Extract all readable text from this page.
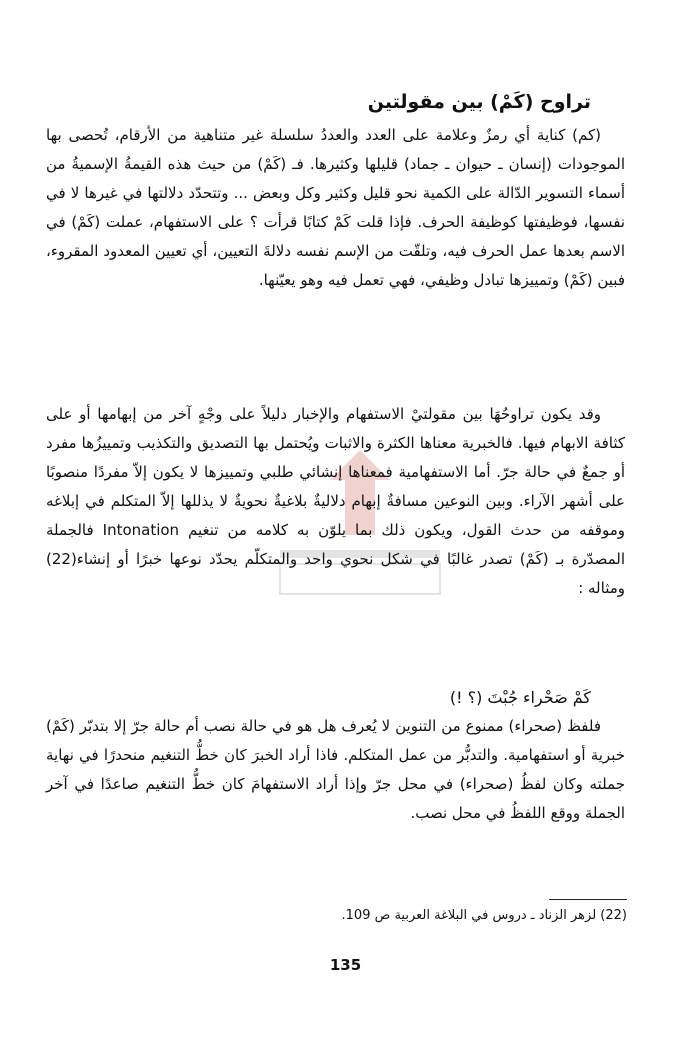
تراوح (كَمْ) بين مقولتين

(كم) كناية أي رمزٌ وعلامة على العدد والعددُ سلسلة غير متناهية من الأرقام، تُحصى بها الموجودات (إنسان ـ حيوان ـ جماد) قليلها وكثيرها. فـ (كَمْ) من حيث هذه القيمةُ الإسميةُ من أسماء التسوير الدّالة على الكمية نحو قليل وكثير وكل وبعض ... وتتحدّد دلالتها في غيرها لا في نفسها، فوظيفتها كوظيفة الحرف. فإذا قلت كَمْ كتابًا قرأت ؟ على الاستفهام، عملت (كَمْ) في الاسم بعدها عمل الحرف فيه، وتلقّت من الإسم نفسه دلالةَ التعيين، أي تعيين المعدود المقروء، فبين (كَمْ) وتمييزها تبادل وظيفي، فهي تعمل فيه وهو يعيّنها.

وقد يكون تراوحُهَا بين مقولتيْ الاستفهام والإخبار دليلاً على وجْهٍ آخر من إبهامها أو على كثافة الابهام فيها. فالخبرية معناها الكثرة والاثبات ويُحتمل بها التصديق والتكذيب وتمييزُها مفرد أو جمعٌ في حالة جرّ. أما الاستفهامية فمعناها إنشائي طلبي وتمييزها لا يكون إلاّ مفردًا منصوبًا على أشهر الآراء. وبين النوعين مسافةٌ إبهام دلاليةٌ بلاغيةٌ نحويةٌ لا يذللها إلاّ المتكلم في إبلاغه وموقفه من حدث القول، ويكون ذلك بما يلوّن به كلامه من تنغيم Intonation فالجملة المصدّرة بـ (كَمْ) تصدر غالبًا في شكل نحوي واحد والمتكلّم يحدّد نوعها خبرًا أو إنشاء(22) ومثاله :

كَمْ صَحْراء جُبْتَ (؟ !)

فلفظ (صحراء) ممنوع من التنوين لا يُعرف هل هو في حالة نصب أم حالة جرّ إلا بتدبّر (كَمْ) خبرية أو استفهامية. والتدبُّر من عمل المتكلم. فاذا أراد الخبرَ كان خطُّ التنغيم منحدرًا في نهاية جملته وكان لفظُ (صحراء) في محل جرّ وإذا أراد الاستفهامَ كان خطُّ التنغيم صاعدًا في آخر الجملة ووقع اللفظُ في محل نصب.

(22) لزهر الزناد ـ دروس في البلاغة العربية ص 109.
135
